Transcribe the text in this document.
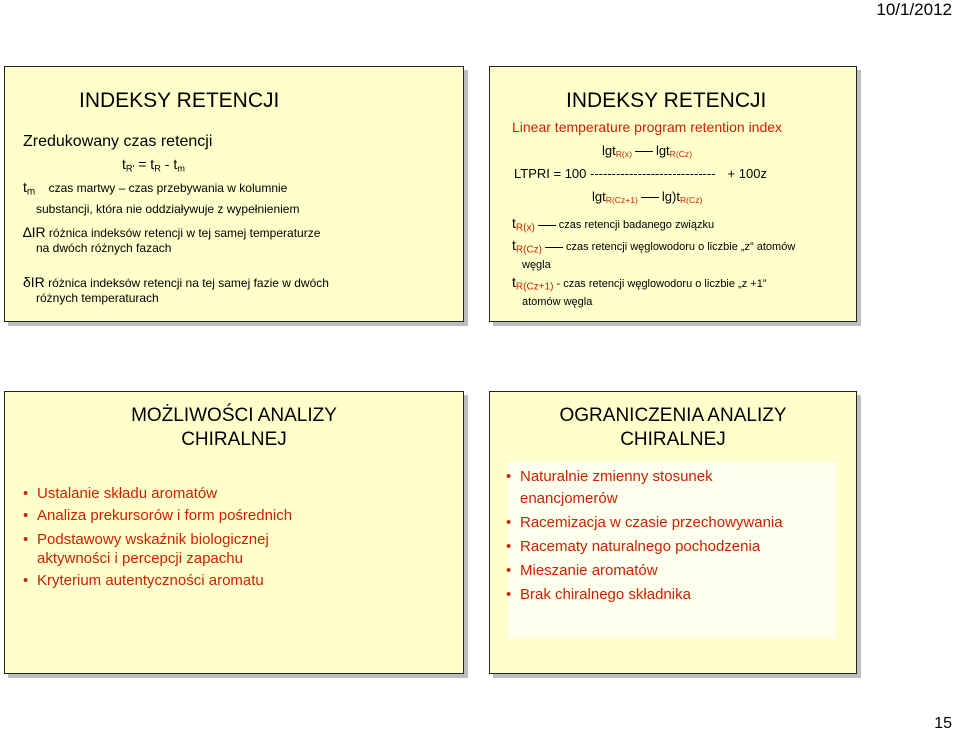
10/1/2012
INDEKSY RETENCJI
Zredukowany czas retencji
$t_{R'} = t_R - t_m$
$t_m$ czas martwy – czas przebywania w kolumnie
substancji, która nie oddziaływuje z wypełnieniem
∆IR różnica indeksów retencji w tej samej temperaturze
na dwóch różnych fazach
δIR różnica indeksów retencji na tej samej fazie w dwóch
różnych temperaturach
INDEKSY RETENCJI
Linear temperature program retention index
lgt$_{R(x)}$ lgt$_{R(Cz)}$
LTPRI = 100 ----------------------------- + 100z
lgt$_{R(Cz+1)}$ $\lg)t_{R(Cz)}$
$t_{R(x)}$ czas retencji badanego związku
$t_{R(Cz)}$ czas retencji węglowodoru o liczbie „z” atomów
węgla
$t_{R(Cz+1)}$ - czas retencji węglowodoru o liczbie „z +1”
atomów węgla
MOŻLIWOŚCI ANALIZY
CHIRALNEJ
• Ustalanie składu aromatów
• Analiza prekursorów i form pośrednich
• Podstawowy wskaźnik biologicznej
aktywności i percepcji zapachu
• Kryterium autentyczności aromatu
OGRANICZENIA ANALIZY
CHIRALNEJ
• Naturalnie zmienny stosunek
enancjomerów
• Racemizacja w czasie przechowywania
• Racematy naturalnego pochodzenia
• Mieszanie aromatów
• Brak chiralnego składnika
15
